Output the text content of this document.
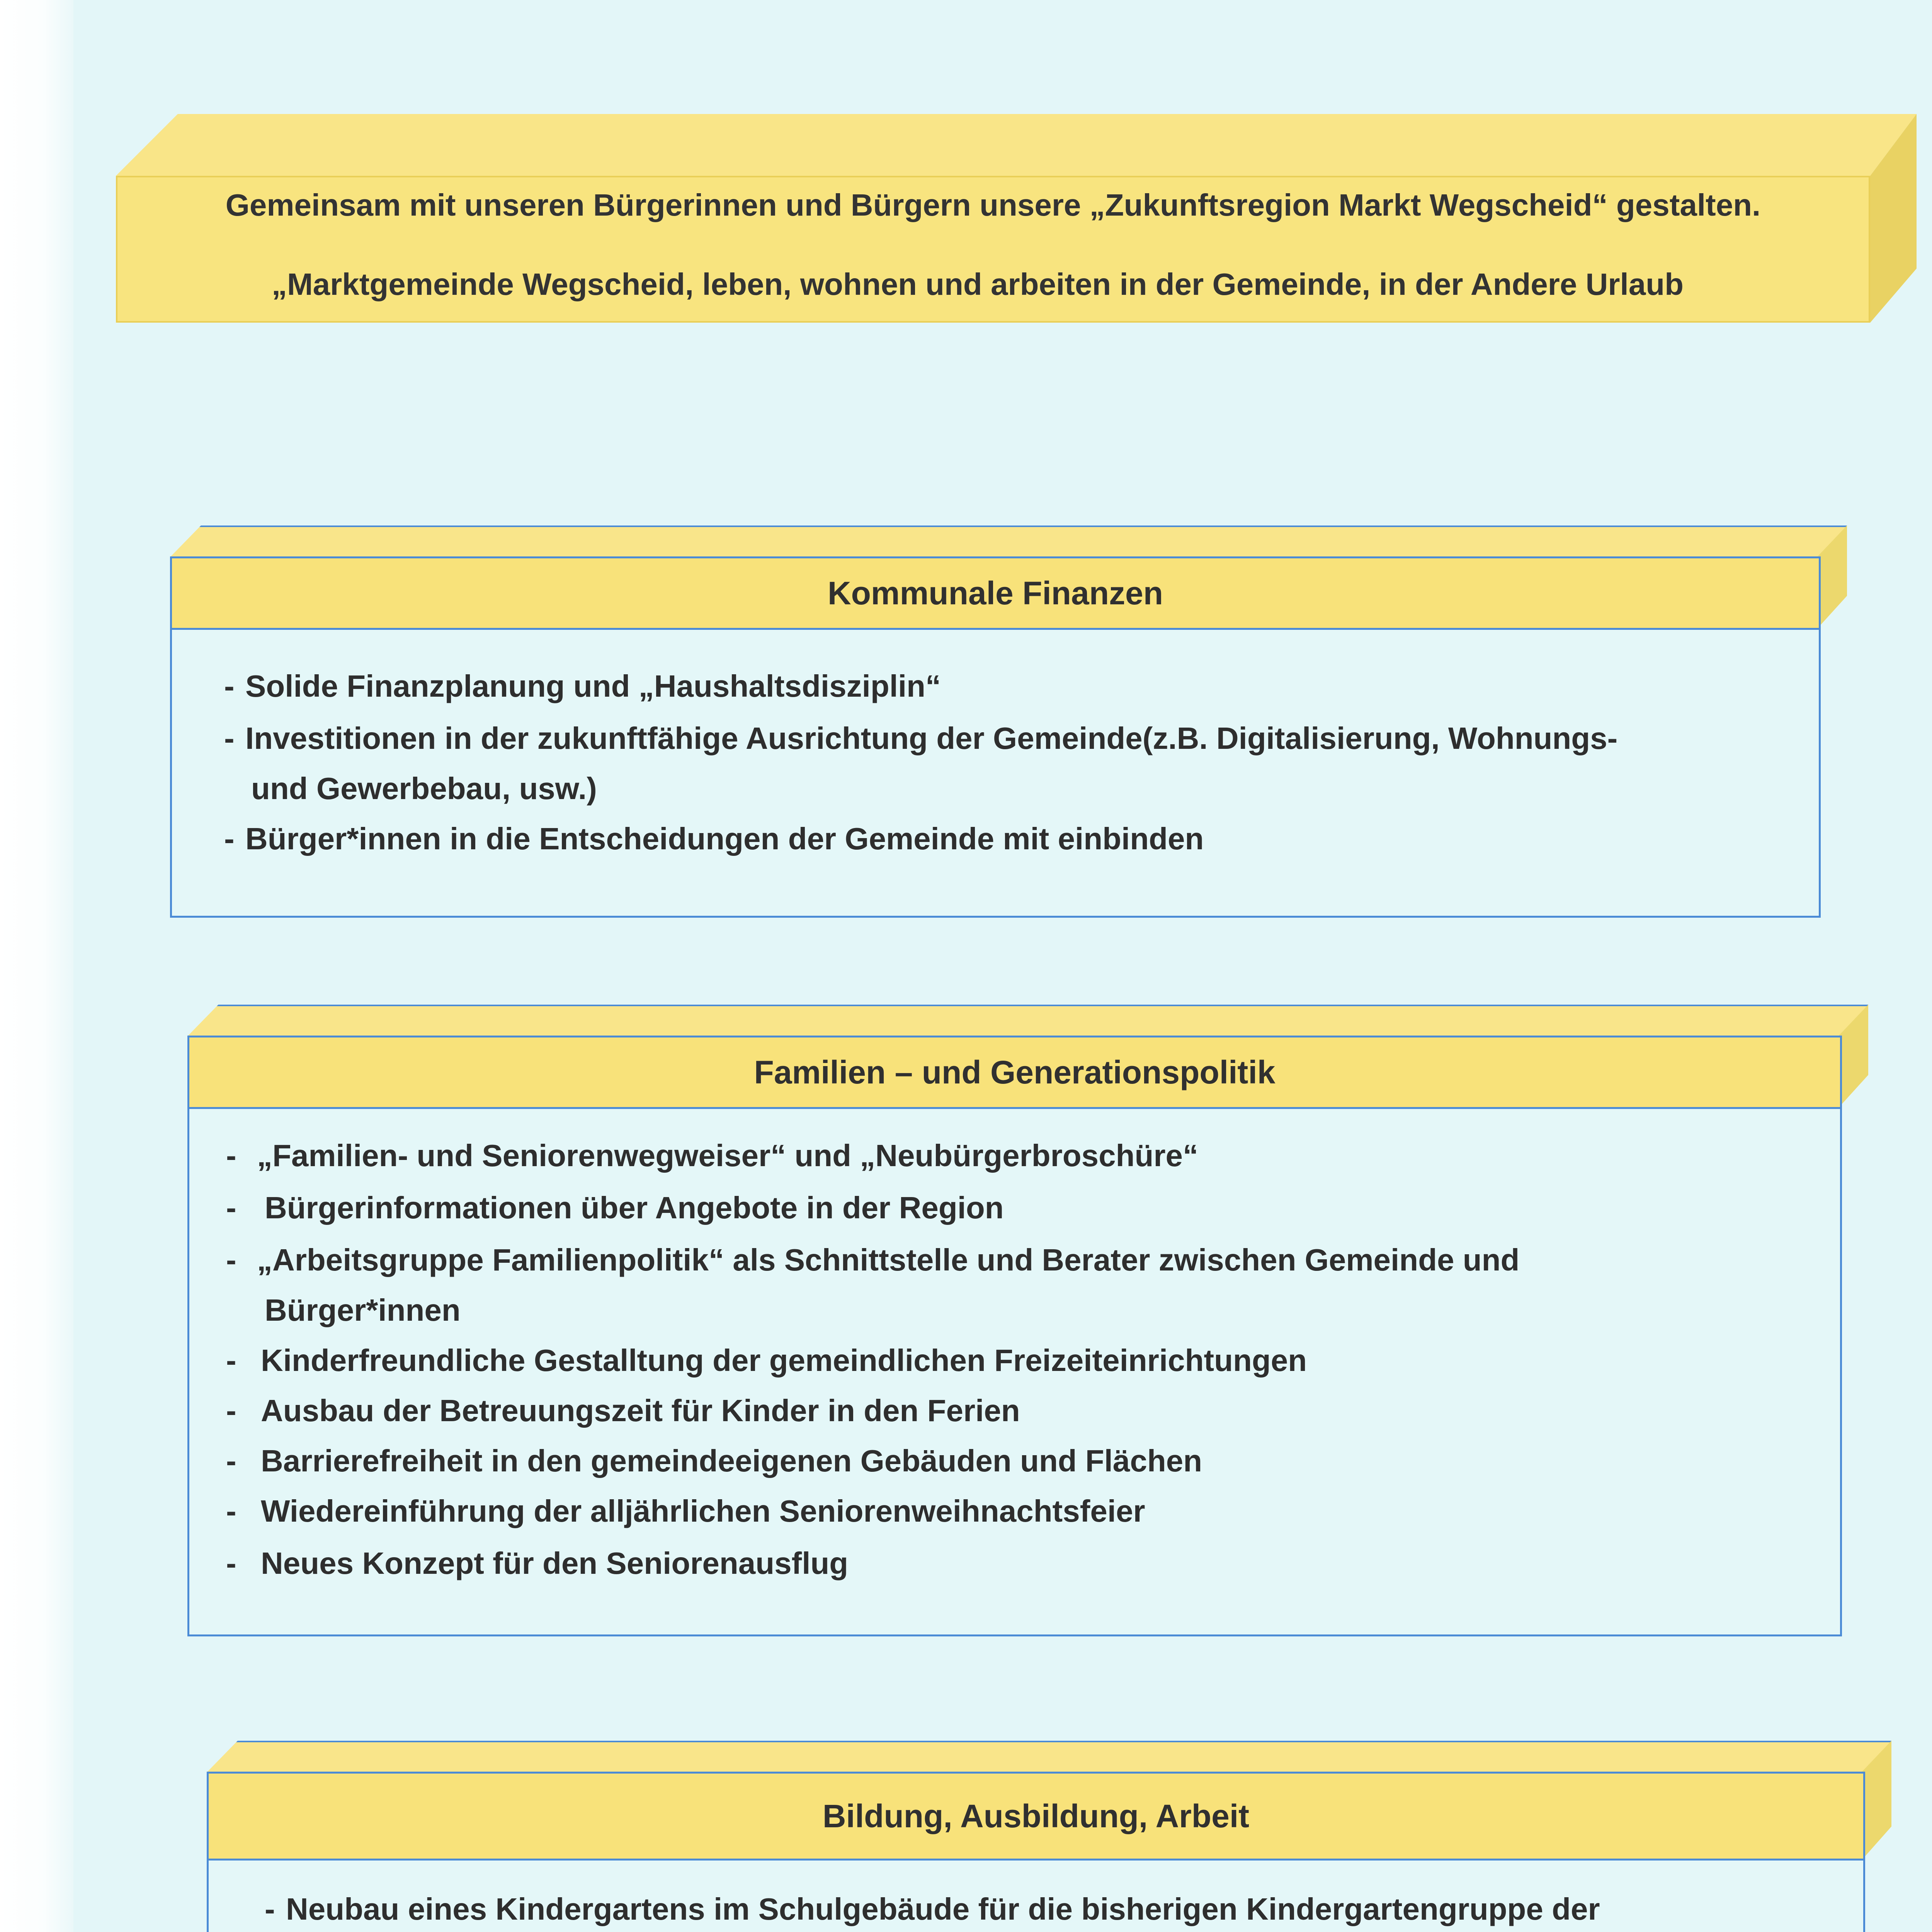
Gemeinsam mit unseren Bürgerinnen und Bürgern unsere „Zukunftsregion Markt Wegscheid“ gestalten.
„Marktgemeinde Wegscheid, leben, wohnen und arbeiten in der Gemeinde, in der Andere Urlaub
Kommunale Finanzen
- Solide Finanzplanung und „Haushaltsdisziplin“
- Investitionen in der zukunftfähige Ausrichtung der Gemeinde(z.B. Digitalisierung, Wohnungs-
und Gewerbebau, usw.)
- Bürger*innen in die Entscheidungen der Gemeinde mit einbinden
Familien – und Generationspolitik
- „Familien- und Seniorenwegweiser“ und „Neubürgerbroschüre“
- Bürgerinformationen über Angebote in der Region
- „Arbeitsgruppe Familienpolitik“ als Schnittstelle und Berater zwischen Gemeinde und
Bürger*innen
- Kinderfreundliche Gestalltung der gemeindlichen Freizeiteinrichtungen
- Ausbau der Betreuungszeit für Kinder in den Ferien
- Barrierefreiheit in den gemeindeeigenen Gebäuden und Flächen
- Wiedereinführung der alljährlichen Seniorenweihnachtsfeier
- Neues Konzept für den Seniorenausflug
Bildung, Ausbildung, Arbeit
- Neubau eines Kindergartens im Schulgebäude für die bisherigen Kindergartengruppe der
